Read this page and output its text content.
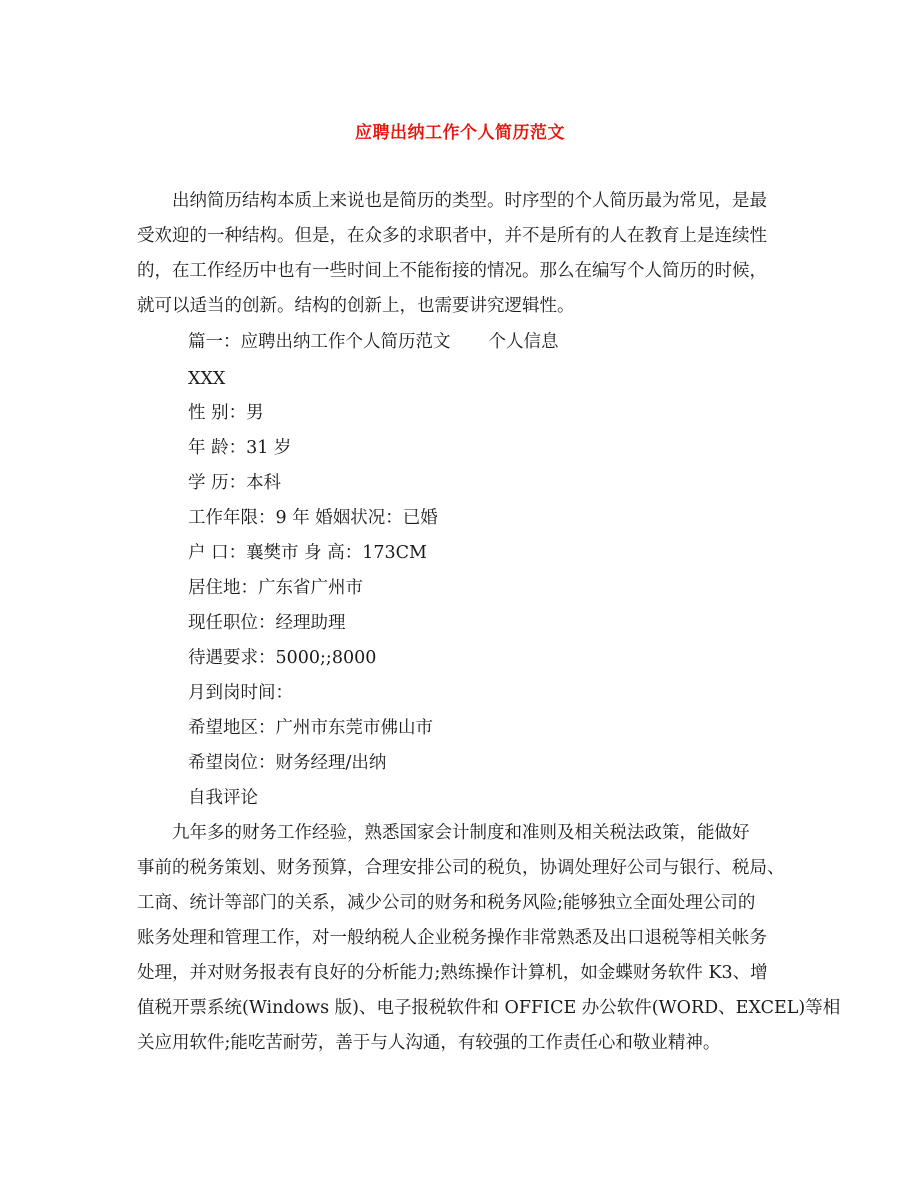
应聘出纳工作个人简历范文
出纳简历结构本质上来说也是简历的类型。时序型的个人简历最为常见，是最
受欢迎的一种结构。但是，在众多的求职者中，并不是所有的人在教育上是连续性
的，在工作经历中也有一些时间上不能衔接的情况。那么在编写个人简历的时候，
就可以适当的创新。结构的创新上，也需要讲究逻辑性。
篇一：应聘出纳工作个人简历范文 个人信息
XXX
性 别：男
年 龄：31 岁
学 历：本科
工作年限：9 年 婚姻状况：已婚
户 口：襄樊市 身 高：173CM
居住地：广东省广州市
现任职位：经理助理
待遇要求：5000;;8000
月到岗时间：
希望地区：广州市东莞市佛山市
希望岗位：财务经理/出纳
自我评论
九年多的财务工作经验，熟悉国家会计制度和准则及相关税法政策，能做好
事前的税务策划、财务预算，合理安排公司的税负，协调处理好公司与银行、税局、
工商、统计等部门的关系，减少公司的财务和税务风险;能够独立全面处理公司的
账务处理和管理工作，对一般纳税人企业税务操作非常熟悉及出口退税等相关帐务
处理，并对财务报表有良好的分析能力;熟练操作计算机，如金蝶财务软件 K3、增
值税开票系统(Windows 版)、电子报税软件和 OFFICE 办公软件(WORD、EXCEL)等相
关应用软件;能吃苦耐劳，善于与人沟通，有较强的工作责任心和敬业精神。
